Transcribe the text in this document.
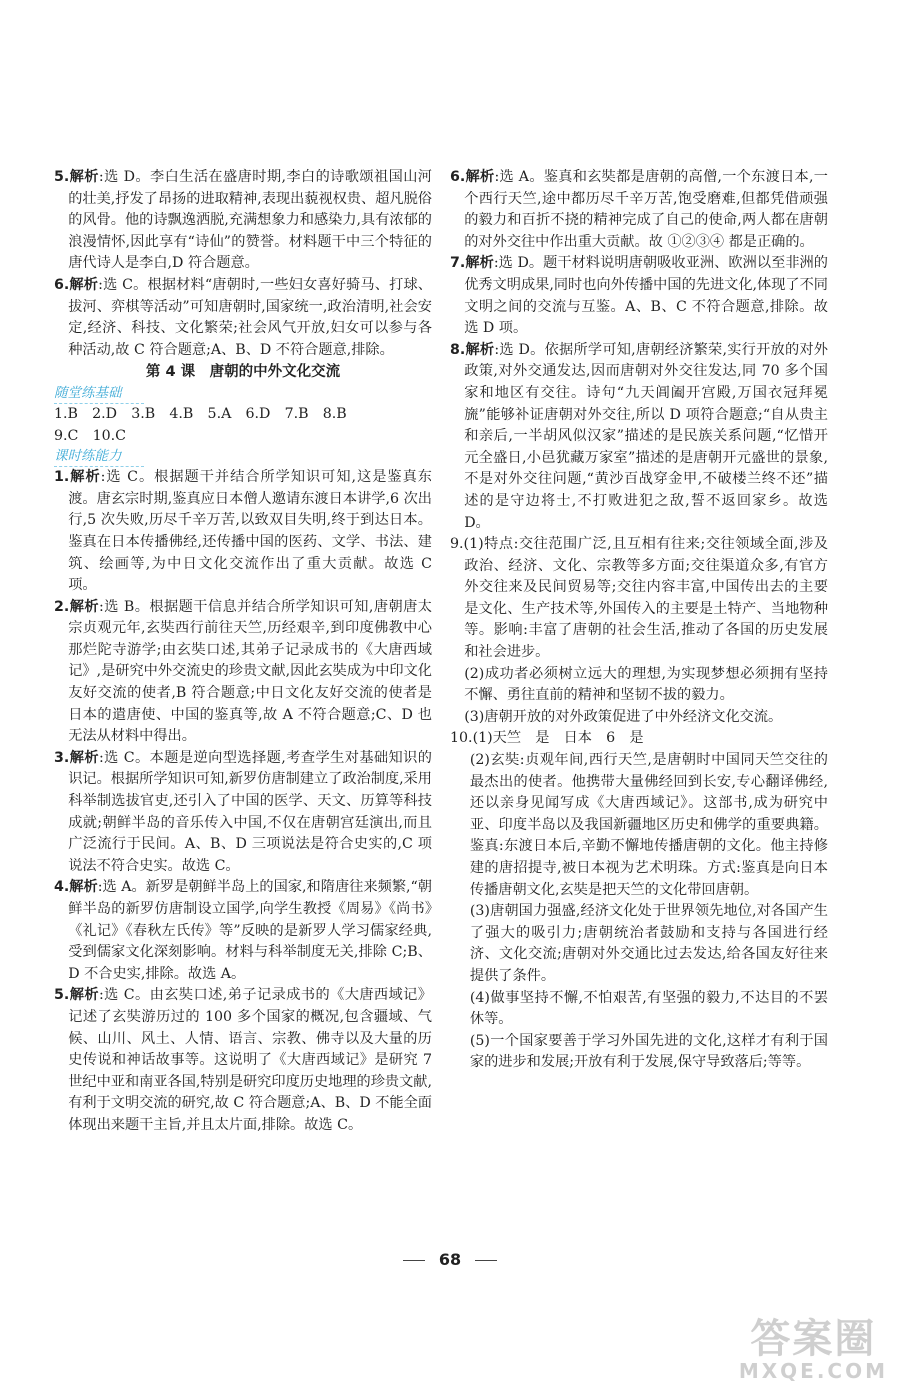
5.解析:选 D。李白生活在盛唐时期,李白的诗歌颂祖国山河的壮美,抒发了昂扬的进取精神,表现出藐视权贵、超凡脱俗的风骨。他的诗飘逸洒脱,充满想象力和感染力,具有浓郁的浪漫情怀,因此享有“诗仙”的赞誉。材料题干中三个特征的唐代诗人是李白,D 符合题意。

6.解析:选 C。根据材料“唐朝时,一些妇女喜好骑马、打球、拔河、弈棋等活动”可知唐朝时,国家统一,政治清明,社会安定,经济、科技、文化繁荣;社会风气开放,妇女可以参与各种活动,故 C 符合题意;A、B、D 不符合题意,排除。

第 4 课　唐朝的中外文化交流

随堂练基础

1.B　2.D　3.B　4.B　5.A　6.D　7.B　8.B

9.C　10.C

课时练能力

1.解析:选 C。根据题干并结合所学知识可知,这是鉴真东渡。唐玄宗时期,鉴真应日本僧人邀请东渡日本讲学,6 次出行,5 次失败,历尽千辛万苦,以致双目失明,终于到达日本。鉴真在日本传播佛经,还传播中国的医药、文学、书法、建筑、绘画等,为中日文化交流作出了重大贡献。故选 C 项。

2.解析:选 B。根据题干信息并结合所学知识可知,唐朝唐太宗贞观元年,玄奘西行前往天竺,历经艰辛,到印度佛教中心那烂陀寺游学;由玄奘口述,其弟子记录成书的《大唐西域记》,是研究中外交流史的珍贵文献,因此玄奘成为中印文化友好交流的使者,B 符合题意;中日文化友好交流的使者是日本的遣唐使、中国的鉴真等,故 A 不符合题意;C、D 也无法从材料中得出。

3.解析:选 C。本题是逆向型选择题,考查学生对基础知识的识记。根据所学知识可知,新罗仿唐制建立了政治制度,采用科举制选拔官吏,还引入了中国的医学、天文、历算等科技成就;朝鲜半岛的音乐传入中国,不仅在唐朝宫廷演出,而且广泛流行于民间。A、B、D 三项说法是符合史实的,C 项说法不符合史实。故选 C。

4.解析:选 A。新罗是朝鲜半岛上的国家,和隋唐往来频繁,“朝鲜半岛的新罗仿唐制设立国学,向学生教授《周易》《尚书》《礼记》《春秋左氏传》等”反映的是新罗人学习儒家经典,受到儒家文化深刻影响。材料与科举制度无关,排除 C;B、D 不合史实,排除。故选 A。

5.解析:选 C。由玄奘口述,弟子记录成书的《大唐西域记》记述了玄奘游历过的 100 多个国家的概况,包含疆域、气候、山川、风土、人情、语言、宗教、佛寺以及大量的历史传说和神话故事等。这说明了《大唐西域记》是研究 7 世纪中亚和南亚各国,特别是研究印度历史地理的珍贵文献,有利于文明交流的研究,故 C 符合题意;A、B、D 不能全面体现出来题干主旨,并且太片面,排除。故选 C。

6.解析:选 A。鉴真和玄奘都是唐朝的高僧,一个东渡日本,一个西行天竺,途中都历尽千辛万苦,饱受磨难,但都凭借顽强的毅力和百折不挠的精神完成了自己的使命,两人都在唐朝的对外交往中作出重大贡献。故 ①②③④ 都是正确的。

7.解析:选 D。题干材料说明唐朝吸收亚洲、欧洲以至非洲的优秀文明成果,同时也向外传播中国的先进文化,体现了不同文明之间的交流与互鉴。A、B、C 不符合题意,排除。故选 D 项。

8.解析:选 D。依据所学可知,唐朝经济繁荣,实行开放的对外政策,对外交通发达,因而唐朝对外交往发达,同 70 多个国家和地区有交往。诗句“九天阊阖开宫殿,万国衣冠拜冕旒”能够补证唐朝对外交往,所以 D 项符合题意;“自从贵主和亲后,一半胡风似汉家”描述的是民族关系问题,“忆惜开元全盛日,小邑犹藏万家室”描述的是唐朝开元盛世的景象,不是对外交往问题,“黄沙百战穿金甲,不破楼兰终不还”描述的是守边将士,不打败进犯之敌,誓不返回家乡。故选 D。

9.(1)特点:交往范围广泛,且互相有往来;交往领域全面,涉及政治、经济、文化、宗教等多方面;交往渠道众多,有官方外交往来及民间贸易等;交往内容丰富,中国传出去的主要是文化、生产技术等,外国传入的主要是土特产、当地物种等。影响:丰富了唐朝的社会生活,推动了各国的历史发展和社会进步。

(2)成功者必须树立远大的理想,为实现梦想必须拥有坚持不懈、勇往直前的精神和坚韧不拔的毅力。

(3)唐朝开放的对外政策促进了中外经济文化交流。

10.(1)天竺　是　日本　6　是

(2)玄奘:贞观年间,西行天竺,是唐朝时中国同天竺交往的最杰出的使者。他携带大量佛经回到长安,专心翻译佛经,还以亲身见闻写成《大唐西域记》。这部书,成为研究中亚、印度半岛以及我国新疆地区历史和佛学的重要典籍。鉴真:东渡日本后,辛勤不懈地传播唐朝的文化。他主持修建的唐招提寺,被日本视为艺术明珠。方式:鉴真是向日本传播唐朝文化,玄奘是把天竺的文化带回唐朝。

(3)唐朝国力强盛,经济文化处于世界领先地位,对各国产生了强大的吸引力;唐朝统治者鼓励和支持与各国进行经济、文化交流;唐朝对外交通比过去发达,给各国友好往来提供了条件。

(4)做事坚持不懈,不怕艰苦,有坚强的毅力,不达目的不罢休等。

(5)一个国家要善于学习外国先进的文化,这样才有利于国家的进步和发展;开放有利于发展,保守导致落后;等等。

68
答案圈
MXQE.COM
